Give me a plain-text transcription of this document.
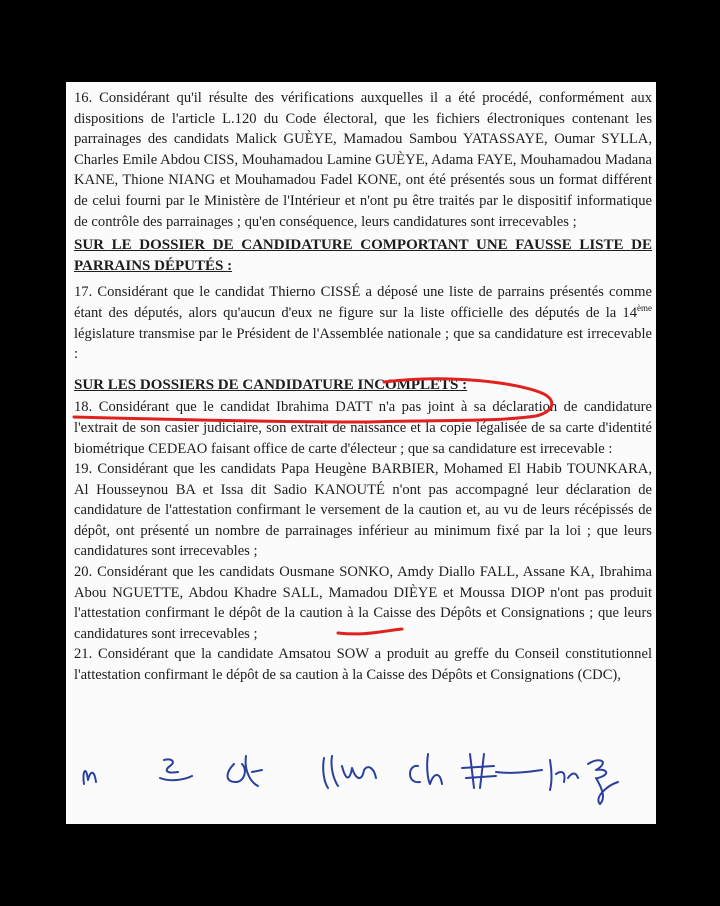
16. Considérant qu'il résulte des vérifications auxquelles il a été procédé, conformément aux dispositions de l'article L.120 du Code électoral, que les fichiers électroniques contenant les parrainages des candidats Malick GUÈYE, Mamadou Sambou YATASSAYE, Oumar SYLLA, Charles Emile Abdou CISS, Mouhamadou Lamine GUÈYE, Adama FAYE, Mouhamadou Madana KANE, Thione NIANG et Mouhamadou Fadel KONE, ont été présentés sous un format différent de celui fourni par le Ministère de l'Intérieur et n'ont pu être traités par le dispositif informatique de contrôle des parrainages ; qu'en conséquence, leurs candidatures sont irrecevables ;

SUR LE DOSSIER DE CANDIDATURE COMPORTANT UNE FAUSSE LISTE DE PARRAINS DÉPUTÉS :

17. Considérant que le candidat Thierno CISSÉ a déposé une liste de parrains présentés comme étant des députés, alors qu'aucun d'eux ne figure sur la liste officielle des députés de la 14ème législature transmise par le Président de l'Assemblée nationale ; que sa candidature est irrecevable :

SUR LES DOSSIERS DE CANDIDATURE INCOMPLETS :

18. Considérant que le candidat Ibrahima DATT n'a pas joint à sa déclaration de candidature l'extrait de son casier judiciaire, son extrait de naissance et la copie légalisée de sa carte d'identité biométrique CEDEAO faisant office de carte d'électeur ; que sa candidature est irrecevable :

19. Considérant que les candidats Papa Heugène BARBIER, Mohamed El Habib TOUNKARA, Al Housseynou BA et Issa dit Sadio KANOUTÉ n'ont pas accompagné leur déclaration de candidature de l'attestation confirmant le versement de la caution et, au vu de leurs récépissés de dépôt, ont présenté un nombre de parrainages inférieur au minimum fixé par la loi ; que leurs candidatures sont irrecevables ;

20. Considérant que les candidats Ousmane SONKO, Amdy Diallo FALL, Assane KA, Ibrahima Abou NGUETTE, Abdou Khadre SALL, Mamadou DIÈYE et Moussa DIOP n'ont pas produit l'attestation confirmant le dépôt de la caution à la Caisse des Dépôts et Consignations ; que leurs candidatures sont irrecevables ;

21. Considérant que la candidate Amsatou SOW a produit au greffe du Conseil constitutionnel l'attestation confirmant le dépôt de sa caution à la Caisse des Dépôts et Consignations (CDC),
